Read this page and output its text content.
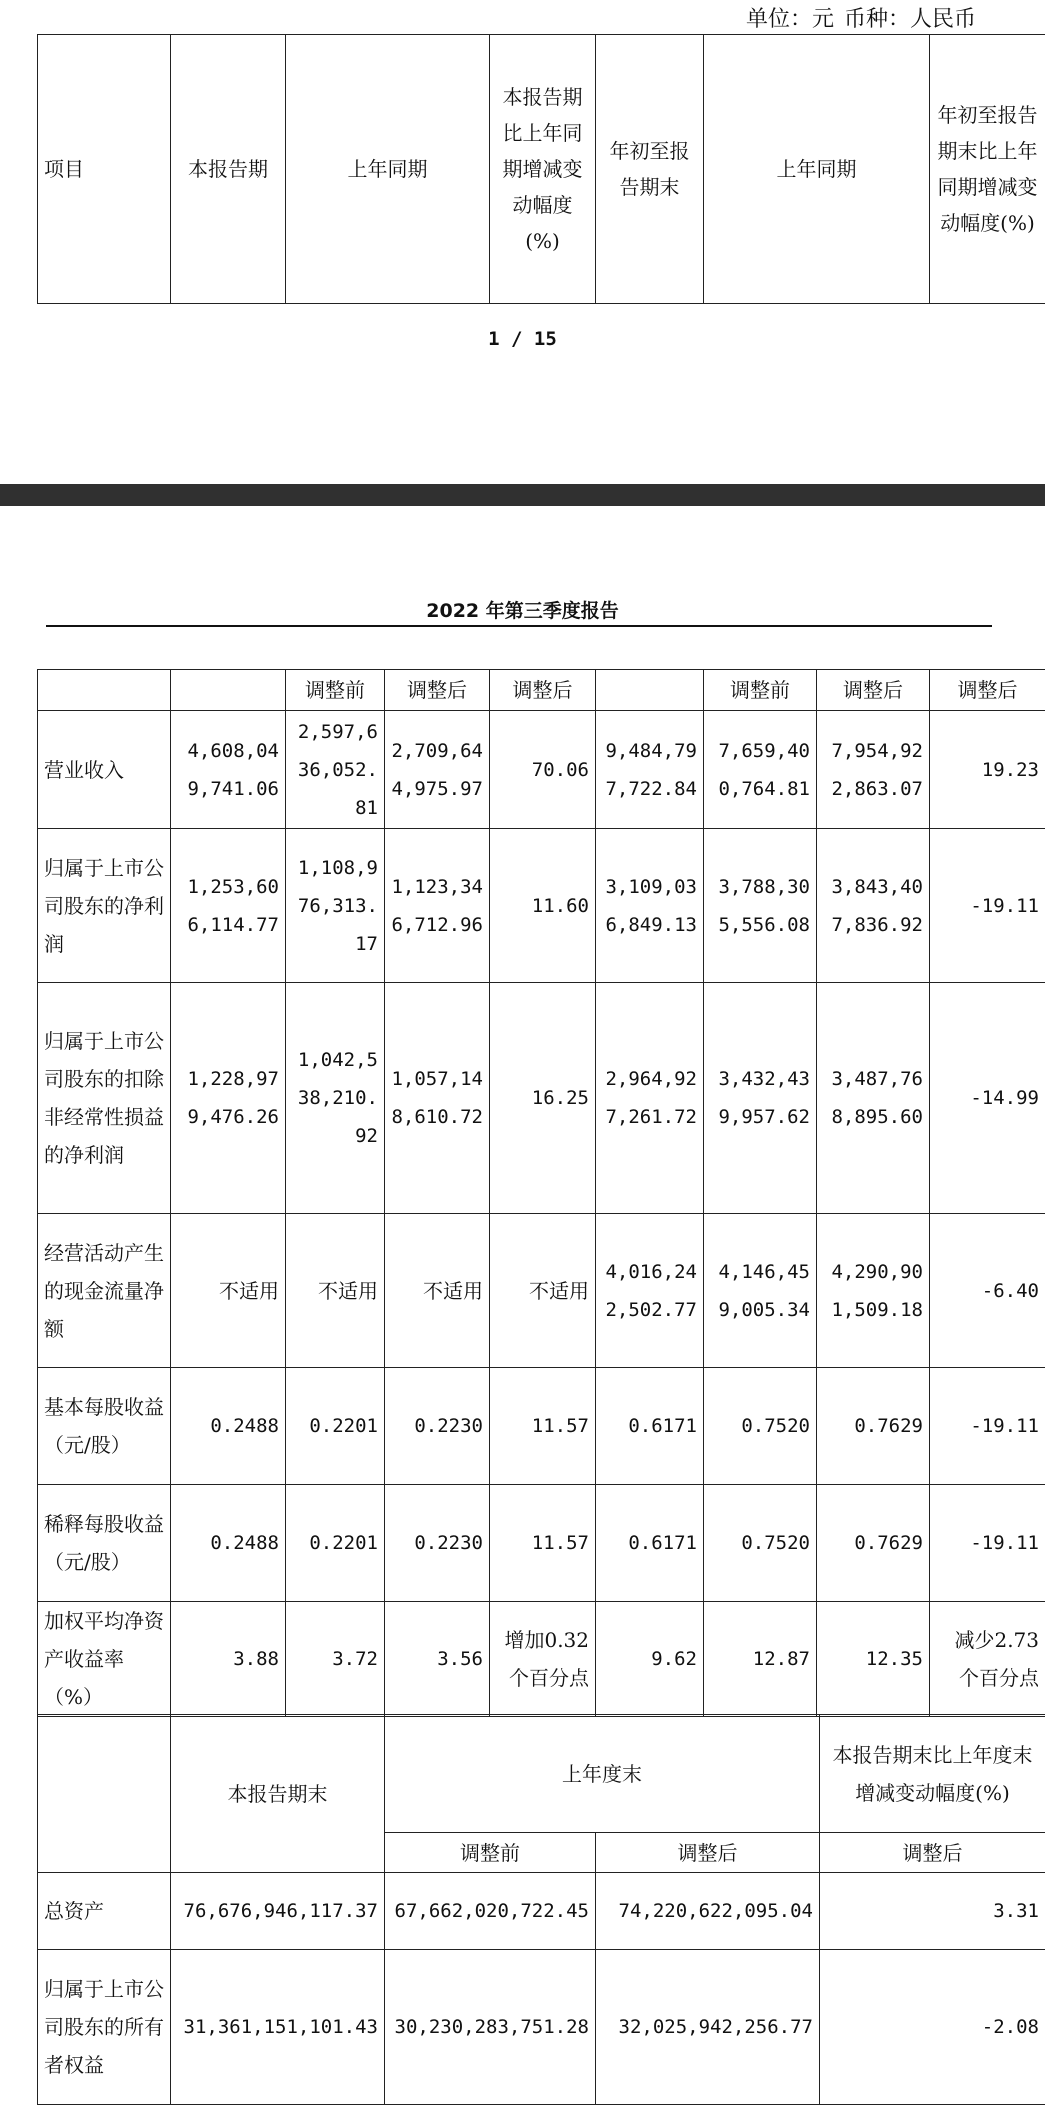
单位：元 币种：人民币
项目	本报告期	上年同期	本报告期比上年同期增减变动幅度(%)	年初至报告期末	上年同期	年初至报告期末比上年同期增减变动幅度(%)
1 / 15
2022 年第三季度报告
		调整前	调整后	调整后		调整前	调整后	调整后
营业收入	4,608,049,741.06	2,597,636,052.81	2,709,644,975.97	70.06	9,484,797,722.84	7,659,400,764.81	7,954,922,863.07	19.23
归属于上市公司股东的净利润	1,253,606,114.77	1,108,976,313.17	1,123,346,712.96	11.60	3,109,036,849.13	3,788,305,556.08	3,843,407,836.92	-19.11
归属于上市公司股东的扣除非经常性损益的净利润	1,228,979,476.26	1,042,538,210.92	1,057,148,610.72	16.25	2,964,927,261.72	3,432,439,957.62	3,487,768,895.60	-14.99
经营活动产生的现金流量净额	不适用	不适用	不适用	不适用	4,016,242,502.77	4,146,459,005.34	4,290,901,509.18	-6.40
基本每股收益（元/股）	0.2488	0.2201	0.2230	11.57	0.6171	0.7520	0.7629	-19.11
稀释每股收益（元/股）	0.2488	0.2201	0.2230	11.57	0.6171	0.7520	0.7629	-19.11
加权平均净资产收益率（%）	3.88	3.72	3.56	增加0.32个百分点	9.62	12.87	12.35	减少2.73个百分点
	本报告期末	上年度末		本报告期末比上年度末增减变动幅度(%)
		调整前	调整后	调整后
总资产	76,676,946,117.37	67,662,020,722.45	74,220,622,095.04	3.31
归属于上市公司股东的所有者权益	31,361,151,101.43	30,230,283,751.28	32,025,942,256.77	-2.08
